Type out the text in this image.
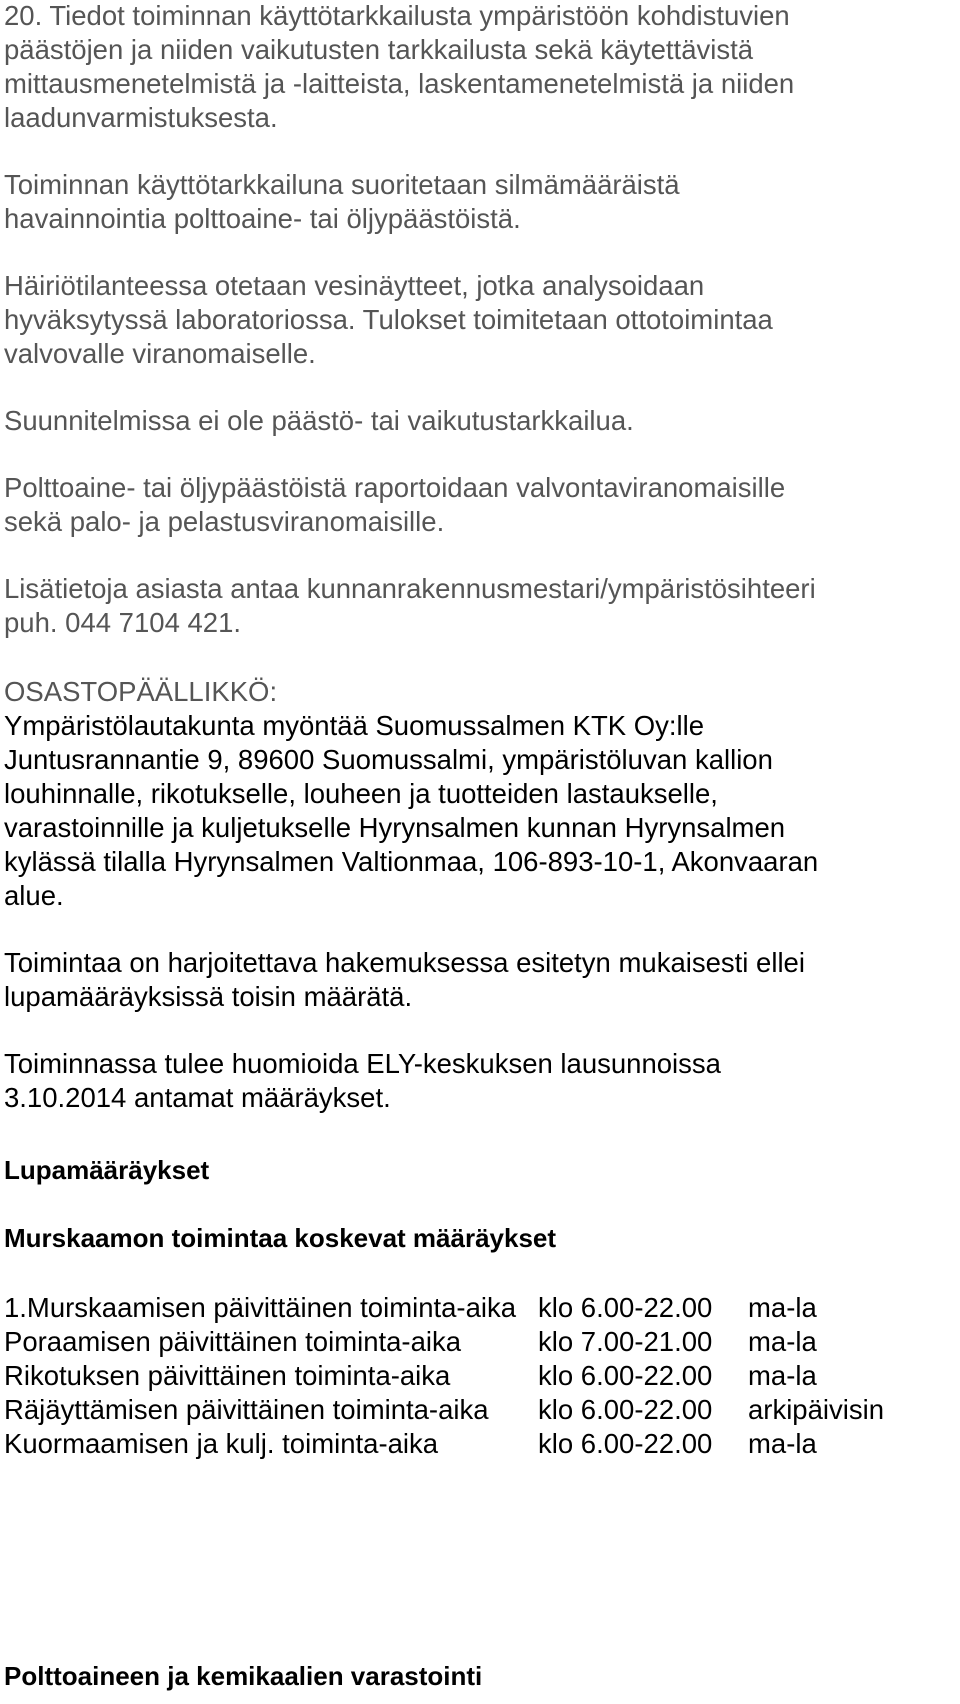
20. Tiedot toiminnan käyttötarkkailusta ympäristöön kohdistuvien
päästöjen ja niiden vaikutusten tarkkailusta sekä käytettävistä
mittausmenetelmistä ja -laitteista, laskentamenetelmistä ja niiden
laadunvarmistuksesta.
Toiminnan käyttötarkkailuna suoritetaan silmämääräistä
havainnointia polttoaine- tai öljypäästöistä.
Häiriötilanteessa otetaan vesinäytteet, jotka analysoidaan
hyväksytyssä laboratoriossa. Tulokset toimitetaan ottotoimintaa
valvovalle viranomaiselle.
Suunnitelmissa ei ole päästö- tai vaikutustarkkailua.
Polttoaine- tai öljypäästöistä raportoidaan valvontaviranomaisille
sekä palo- ja pelastusviranomaisille.
Lisätietoja asiasta antaa kunnanrakennusmestari/ympäristösihteeri
puh. 044 7104 421.
OSASTOPÄÄLLIKKÖ:
Ympäristölautakunta myöntää Suomussalmen KTK Oy:lle
Juntusrannantie 9, 89600 Suomussalmi, ympäristöluvan kallion
louhinnalle, rikotukselle, louheen ja tuotteiden lastaukselle,
varastoinnille ja kuljetukselle Hyrynsalmen kunnan Hyrynsalmen
kylässä tilalla Hyrynsalmen Valtionmaa, 106-893-10-1, Akonvaaran
alue.
Toimintaa on harjoitettava hakemuksessa esitetyn mukaisesti ellei
lupamääräyksissä toisin määrätä.
Toiminnassa tulee huomioida ELY-keskuksen lausunnoissa
3.10.2014 antamat määräykset.
Lupamääräykset
Murskaamon toimintaa koskevat määräykset
1.Murskaamisen päivittäinen toiminta-aika klo 6.00-22.00 ma-la
Poraamisen päivittäinen toiminta-aika	klo 7.00-21.00 ma-la
Rikotuksen päivittäinen toiminta-aika	klo 6.00-22.00 ma-la
Räjäyttämisen päivittäinen toiminta-aika klo 6.00-22.00 arkipäivisin
Kuormaamisen ja kulj. toiminta-aika	klo 6.00-22.00 ma-la
Polttoaineen ja kemikaalien varastointi
